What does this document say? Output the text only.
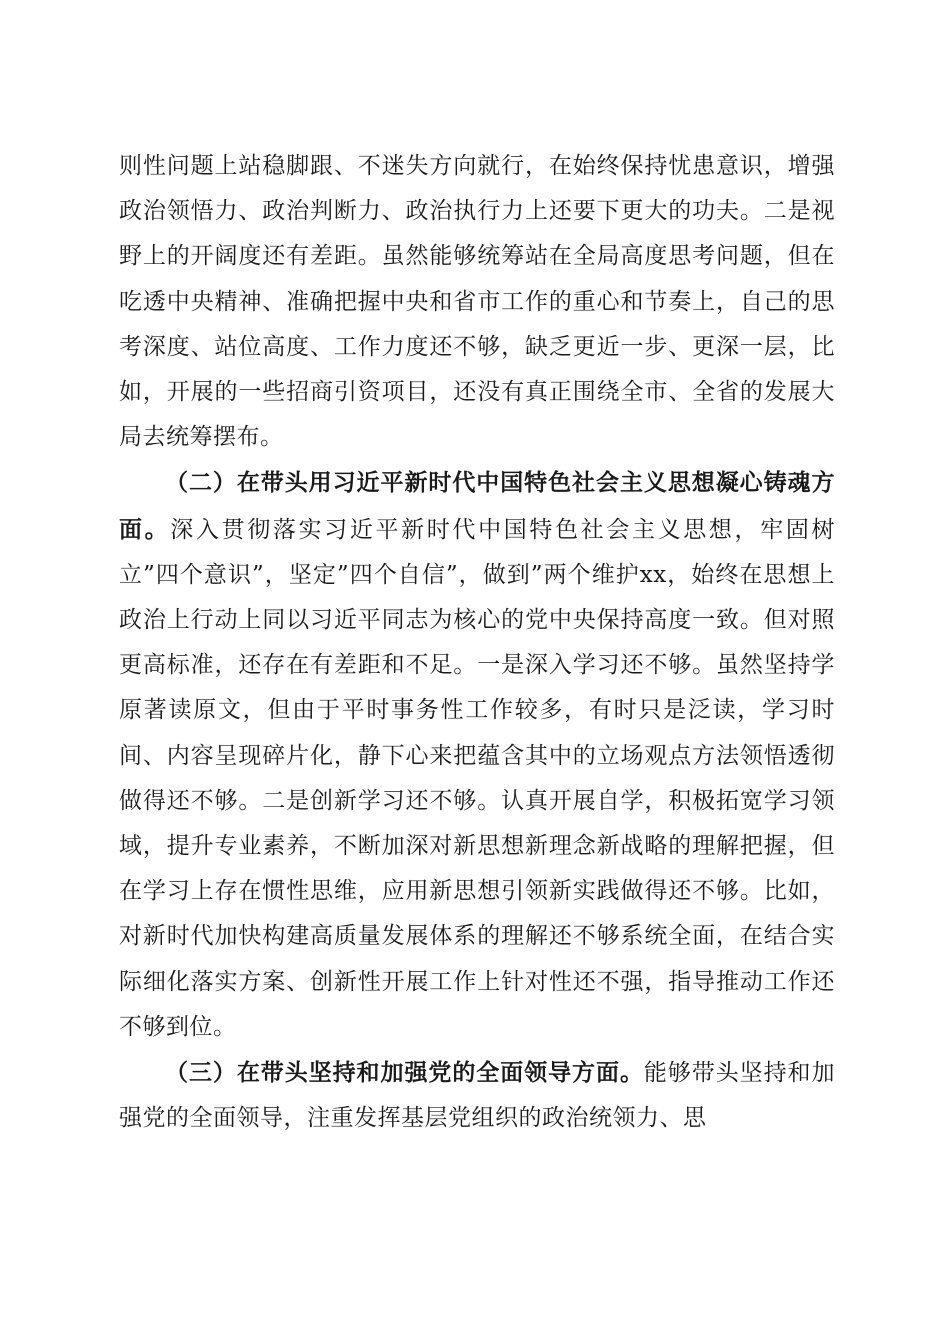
则性问题上站稳脚跟、不迷失方向就行，在始终保持忧患意识，增强政治领悟力、政治判断力、政治执行力上还要下更大的功夫。二是视野上的开阔度还有差距。虽然能够统筹站在全局高度思考问题，但在吃透中央精神、准确把握中央和省市工作的重心和节奏上，自己的思考深度、站位高度、工作力度还不够，缺乏更近一步、更深一层，比如，开展的一些招商引资项目，还没有真正围绕全市、全省的发展大局去统筹摆布。

（二）在带头用习近平新时代中国特色社会主义思想凝心铸魂方面。深入贯彻落实习近平新时代中国特色社会主义思想，牢固树立”四个意识”，坚定”四个自信”，做到”两个维护xx，始终在思想上政治上行动上同以习近平同志为核心的党中央保持高度一致。但对照更高标准，还存在有差距和不足。一是深入学习还不够。虽然坚持学原著读原文，但由于平时事务性工作较多，有时只是泛读，学习时间、内容呈现碎片化，静下心来把蕴含其中的立场观点方法领悟透彻做得还不够。二是创新学习还不够。认真开展自学，积极拓宽学习领域，提升专业素养，不断加深对新思想新理念新战略的理解把握，但在学习上存在惯性思维，应用新思想引领新实践做得还不够。比如，对新时代加快构建高质量发展体系的理解还不够系统全面，在结合实际细化落实方案、创新性开展工作上针对性还不强，指导推动工作还不够到位。

（三）在带头坚持和加强党的全面领导方面。能够带头坚持和加强党的全面领导，注重发挥基层党组织的政治统领力、思
